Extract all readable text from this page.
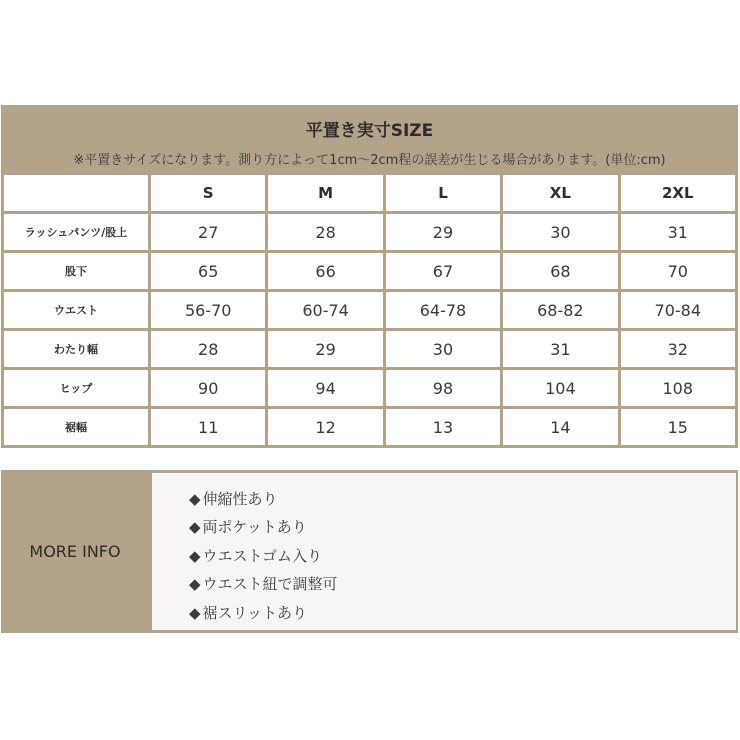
平置き実寸SIZE
※平置きサイズになります。測り方によって1cm〜2cm程の誤差が生じる場合があります。(単位:cm)
	S	M	L	XL	2XL
ラッシュパンツ/股上	27	28	29	30	31
股下	65	66	67	68	70
ウエスト	56-70	60-74	64-78	68-82	70-84
わたり幅	28	29	30	31	32
ヒップ	90	94	98	104	108
裾幅	11	12	13	14	15
MORE INFO
◆ 伸縮性あり
◆ 両ポケットあり
◆ ウエストゴム入り
◆ ウエスト紐で調整可
◆ 裾スリットあり
